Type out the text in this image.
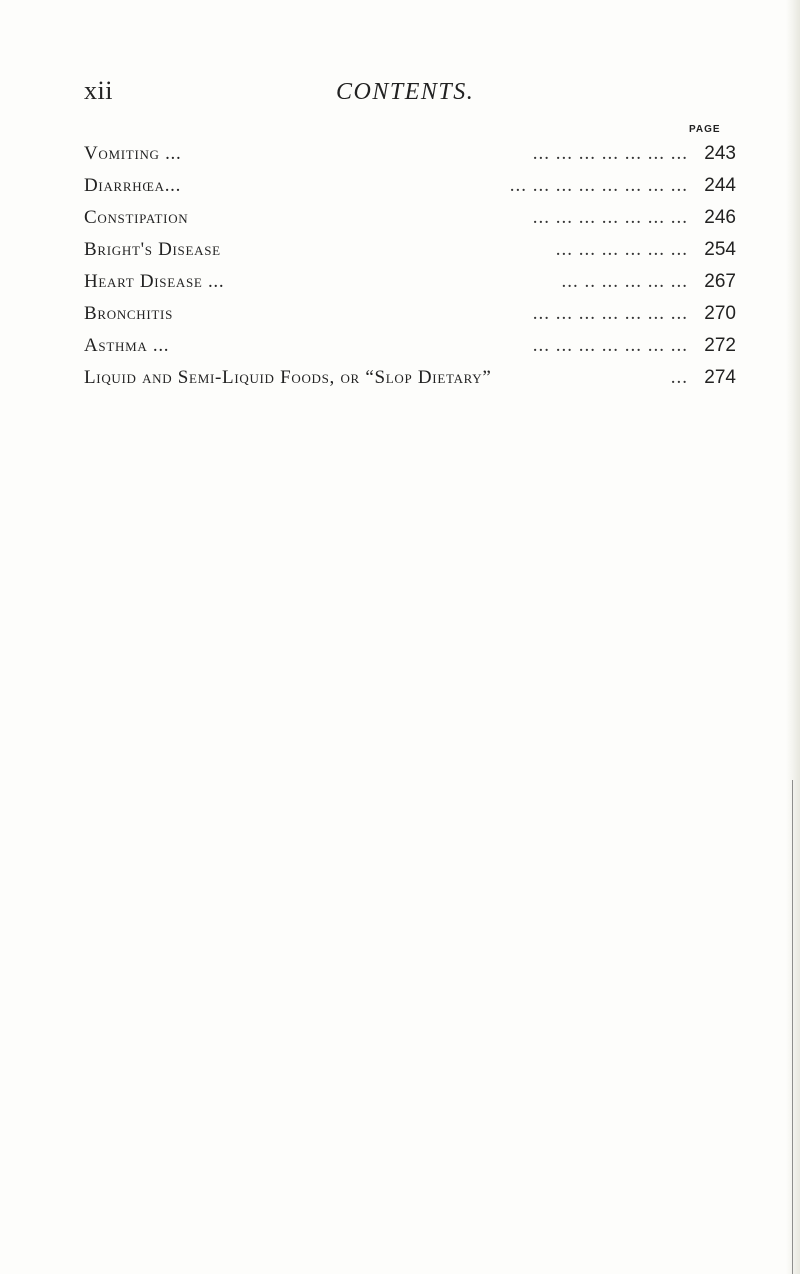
xii	CONTENTS.
PAGE
... ... ... ... ... ... ...
Vomiting ...	243
... ... ... ... ... ... ... ...
Diarrhœa...	244
... ... ... ... ... ... ...
Constipation	246
... ... ... ... ... ...
Bright's Disease	254
... .. ... ... ... ...
Heart Disease ...	267
... ... ... ... ... ... ...
Bronchitis	270
... ... ... ... ... ... ...
Asthma ...	272
...
Liquid and Semi-Liquid Foods, or “Slop Dietary”	274
